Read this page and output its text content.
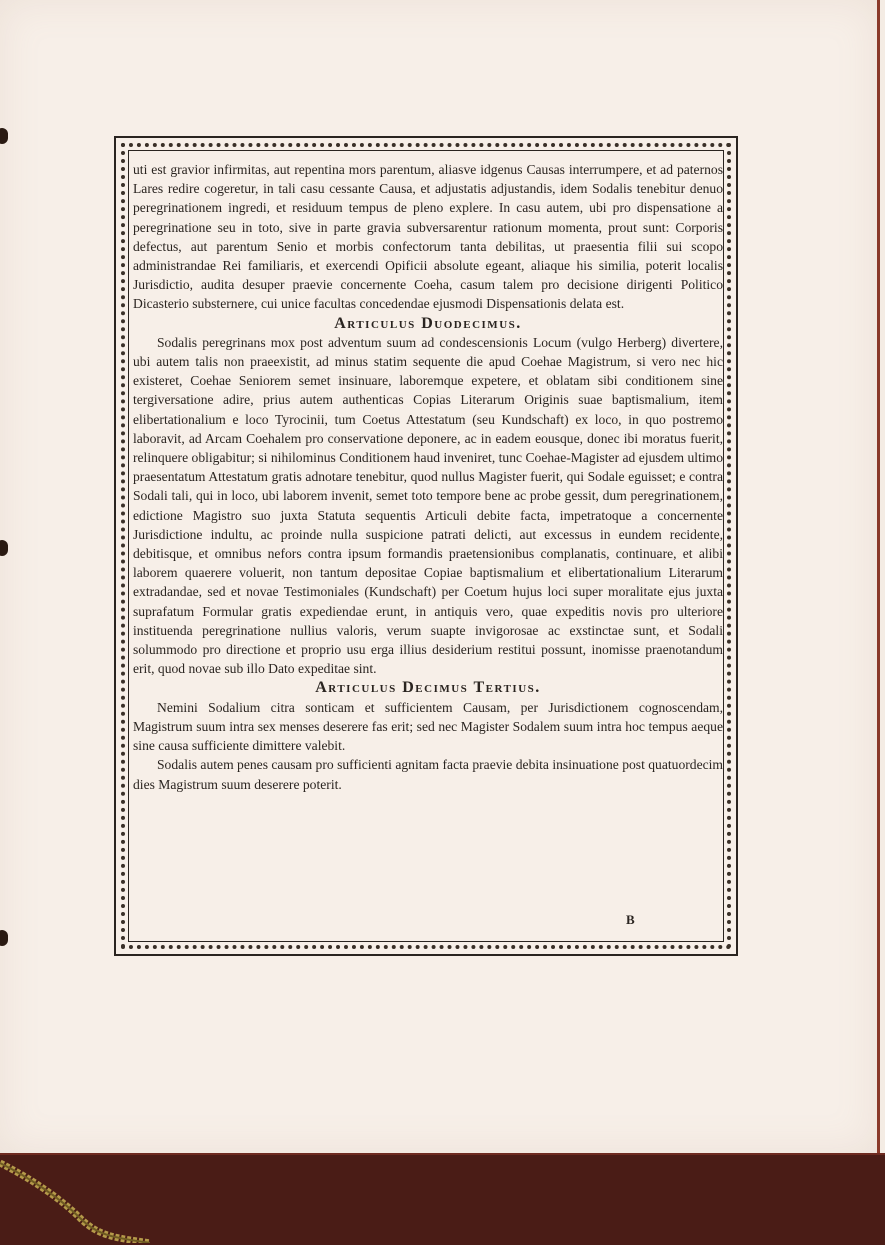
uti est gravior infirmitas, aut repentina mors parentum, aliasve idgenus Causas interrumpere, et ad paternos Lares redire cogeretur, in tali casu cessante Causa, et adjustatis adjustandis, idem Sodalis tenebitur denuo peregrinationem ingredi, et residuum tempus de pleno explere. In casu autem, ubi pro dispensatione a peregrinatione seu in toto, sive in parte gravia subversarentur rationum momenta, prout sunt: Corporis defectus, aut parentum Senio et morbis confectorum tanta debilitas, ut praesentia filii sui scopo administrandae Rei familiaris, et exercendi Opificii absolute egeant, aliaque his similia, poterit localis Jurisdictio, audita desuper praevie concernente Coeha, casum talem pro decisione dirigenti Politico Dicasterio substernere, cui unice facultas concedendae ejusmodi Dispensationis delata est.

Articulus Duodecimus.

Sodalis peregrinans mox post adventum suum ad condescensionis Locum (vulgo Herberg) divertere, ubi autem talis non praeexistit, ad minus statim sequente die apud Coehae Magistrum, si vero nec hic existeret, Coehae Seniorem semet insinuare, laboremque expetere, et oblatam sibi conditionem sine tergiversatione adire, prius autem authenticas Copias Literarum Originis suae baptismalium, item elibertationalium e loco Tyrocinii, tum Coetus Attestatum (seu Kundschaft) ex loco, in quo postremo laboravit, ad Arcam Coehalem pro conservatione deponere, ac in eadem eousque, donec ibi moratus fuerit, relinquere obligabitur; si nihilominus Conditionem haud inveniret, tunc Coehae-Magister ad ejusdem ultimo praesentatum Attestatum gratis adnotare tenebitur, quod nullus Magister fuerit, qui Sodale eguisset; e contra Sodali tali, qui in loco, ubi laborem invenit, semet toto tempore bene ac probe gessit, dum peregrinationem, edictione Magistro suo juxta Statuta sequentis Articuli debite facta, impetratoque a concernente Jurisdictione indultu, ac proinde nulla suspicione patrati delicti, aut excessus in eundem recidente, debitisque, et omnibus nefors contra ipsum formandis praetensionibus complanatis, continuare, et alibi laborem quaerere voluerit, non tantum depositae Copiae baptismalium et elibertationalium Literarum extradandae, sed et novae Testimoniales (Kundschaft) per Coetum hujus loci super moralitate ejus juxta suprafatum Formular gratis expediendae erunt, in antiquis vero, quae expeditis novis pro ulteriore instituenda peregrinatione nullius valoris, verum suapte invigorosae ac exstinctae sunt, et Sodali solummodo pro directione et proprio usu erga illius desiderium restitui possunt, inomisse praenotandum erit, quod novae sub illo Dato expeditae sint.

Articulus Decimus Tertius.

Nemini Sodalium citra sonticam et sufficientem Causam, per Jurisdictionem cognoscendam, Magistrum suum intra sex menses deserere fas erit; sed nec Magister Sodalem suum intra hoc tempus aeque sine causa sufficiente dimittere valebit.

Sodalis autem penes causam pro sufficienti agnitam facta praevie debita insinuatione post quatuordecim dies Magistrum suum deserere poterit.

B
